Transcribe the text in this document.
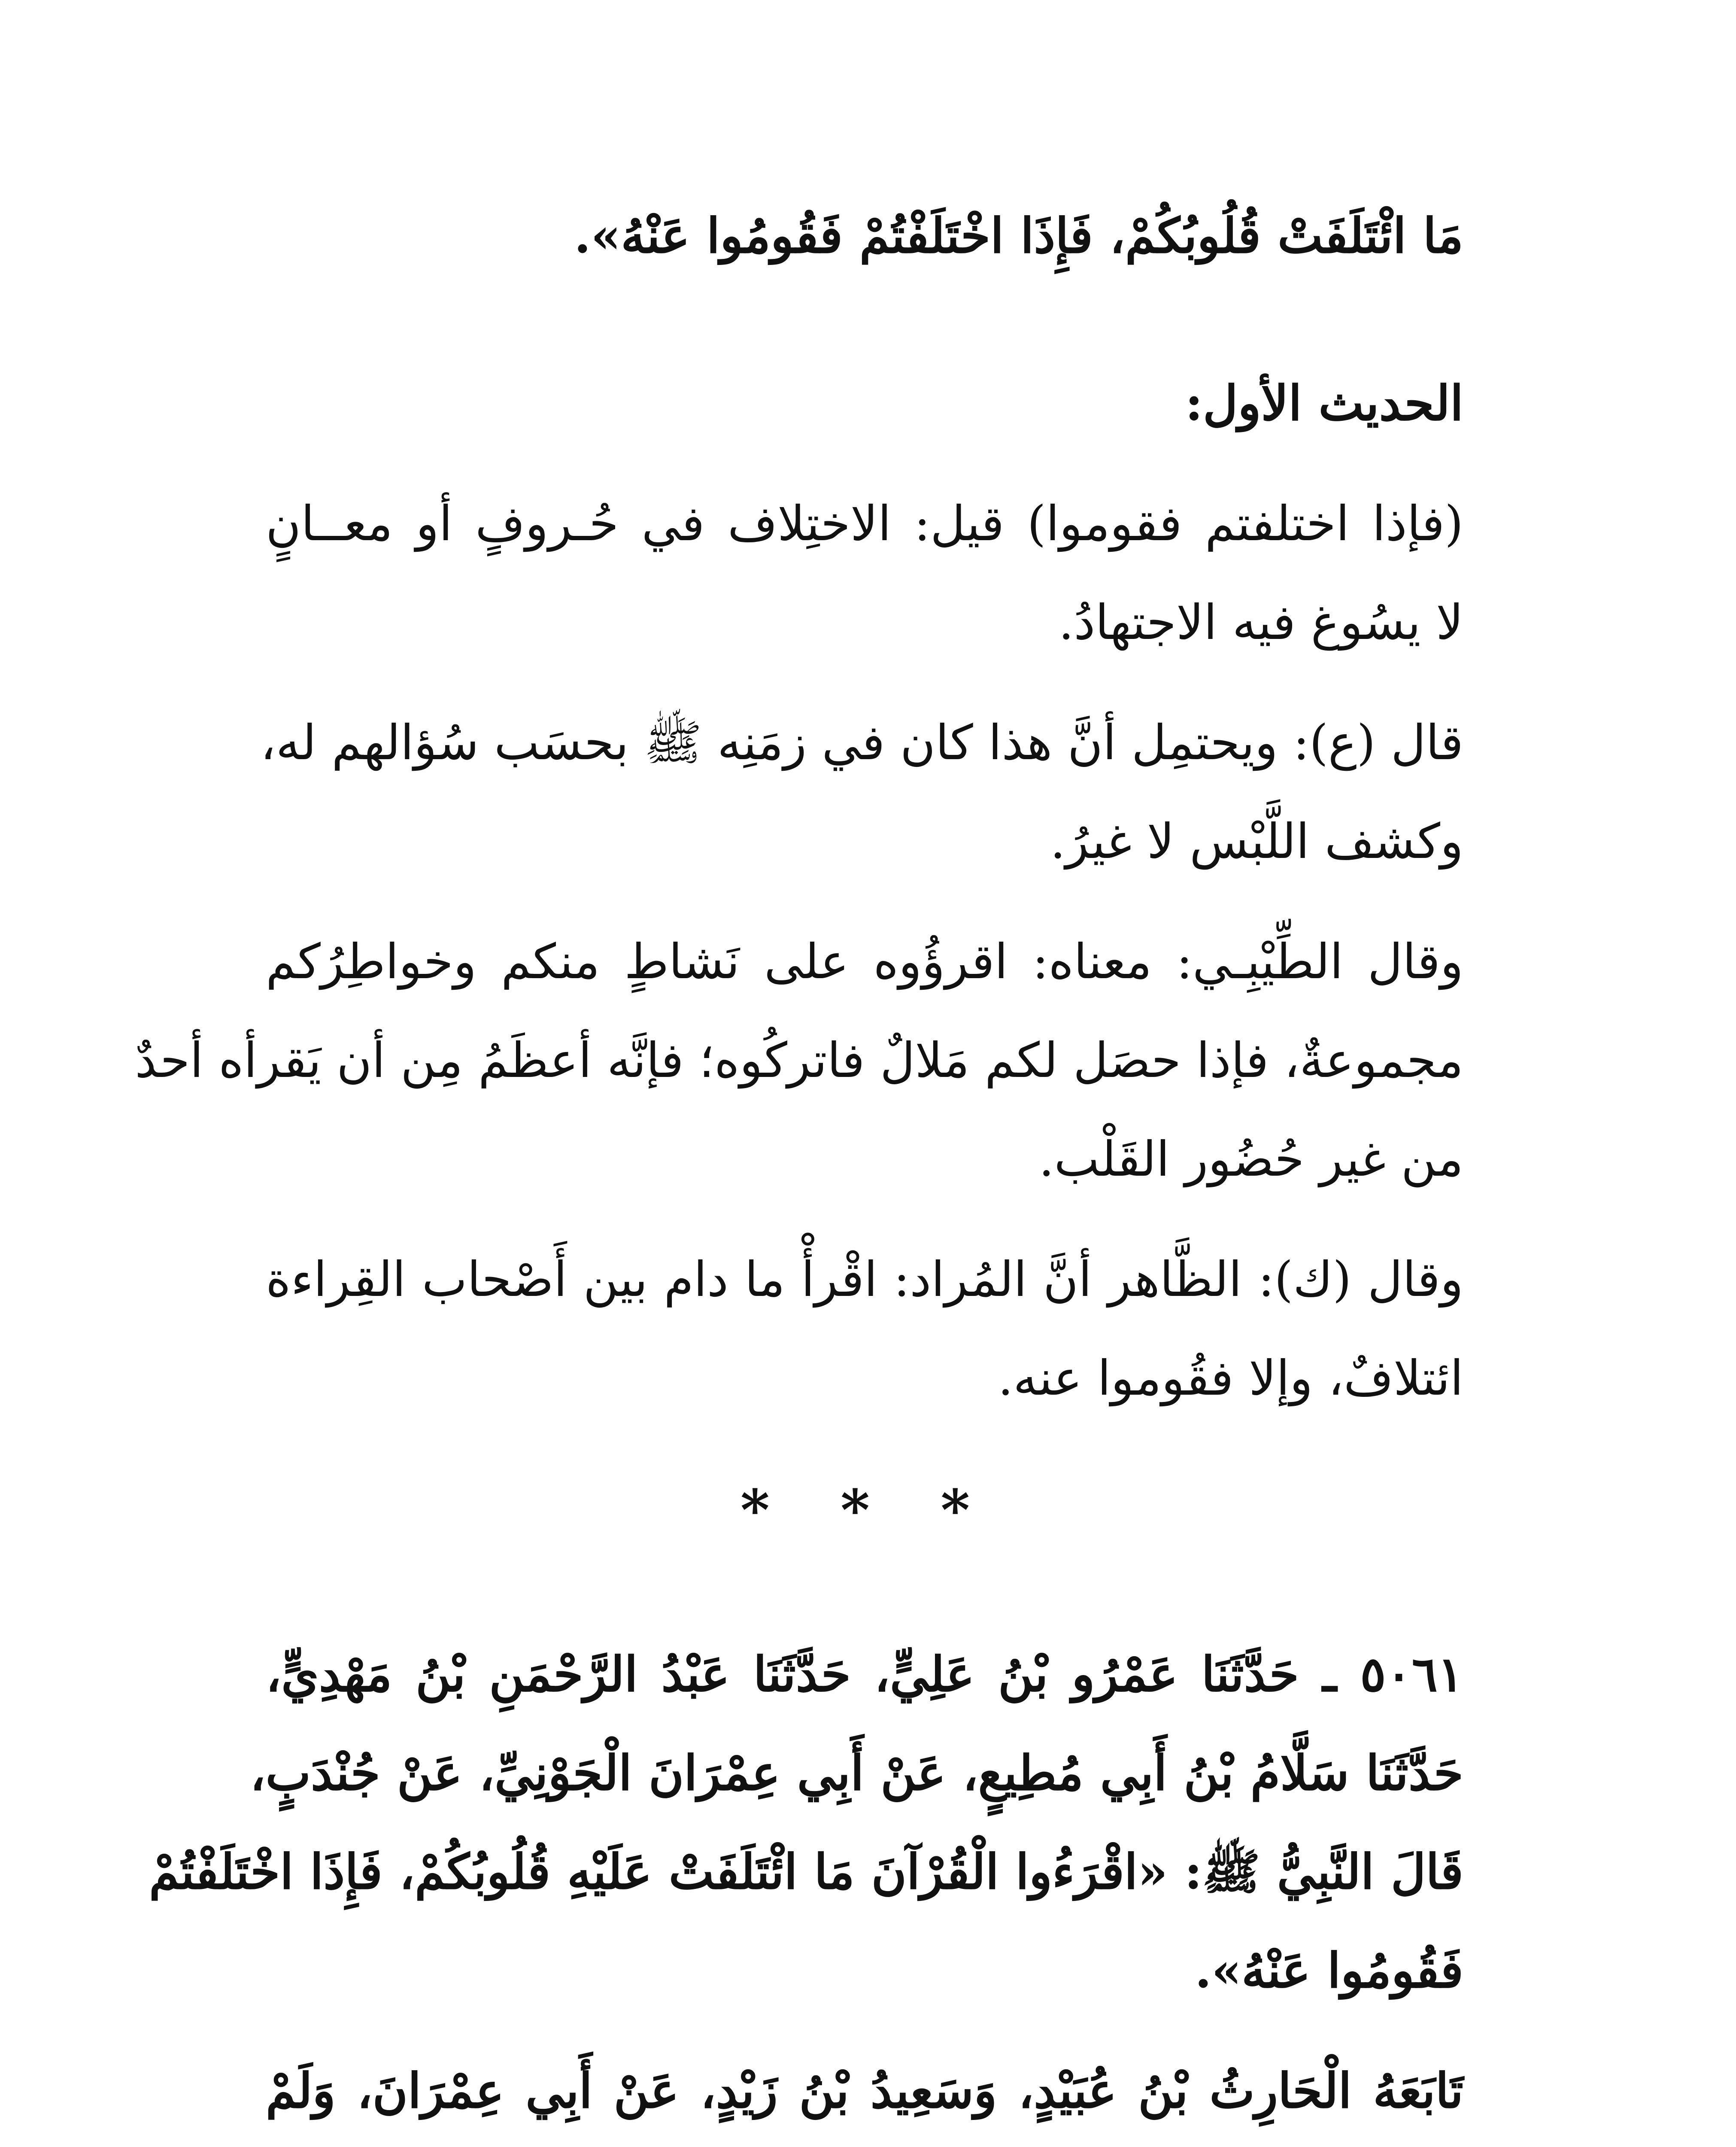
مَا ائْتَلَفَتْ قُلُوبُكُمْ، فَإِذَا اخْتَلَفْتُمْ فَقُومُوا عَنْهُ».
الحديث الأول:
(فإذا اختلفتم فقوموا) قيل: الاختِلاف في حُـروفٍ أو معــانٍ
لا يسُوغ فيه الاجتهادُ.
قال (ع): ويحتمِل أنَّ هذا كان في زمَنِه ﷺ بحسَب سُؤالهم له،
وكشف اللَّبْس لا غيرُ.
وقال الطِّيْبِـي: معناه: اقرؤُوه على نَشاطٍ منكم وخواطِرُكم
مجموعةٌ، فإذا حصَل لكم مَلالٌ فاتركُوه؛ فإنَّه أعظَمُ مِن أن يَقرأه أحدٌ
من غير حُضُور القَلْب.
وقال (ك): الظَّاهر أنَّ المُراد: اقْرأْ ما دام بين أَصْحاب القِراءة
ائتلافٌ، وإلا فقُوموا عنه.
* * *
٥٠٦١ ـ حَدَّثَنَا عَمْرُو بْنُ عَلِيٍّ، حَدَّثَنَا عَبْدُ الرَّحْمَنِ بْنُ مَهْدِيٍّ،
حَدَّثَنَا سَلَّامُ بْنُ أَبِي مُطِيعٍ، عَنْ أَبِي عِمْرَانَ الْجَوْنِيِّ، عَنْ جُنْدَبٍ،
قَالَ النَّبِيُّ ﷺ: «اقْرَءُوا الْقُرْآنَ مَا ائْتَلَفَتْ عَلَيْهِ قُلُوبُكُمْ، فَإِذَا اخْتَلَفْتُمْ
فَقُومُوا عَنْهُ».
تَابَعَهُ الْحَارِثُ بْنُ عُبَيْدٍ، وَسَعِيدُ بْنُ زَيْدٍ، عَنْ أَبِي عِمْرَانَ، وَلَمْ
